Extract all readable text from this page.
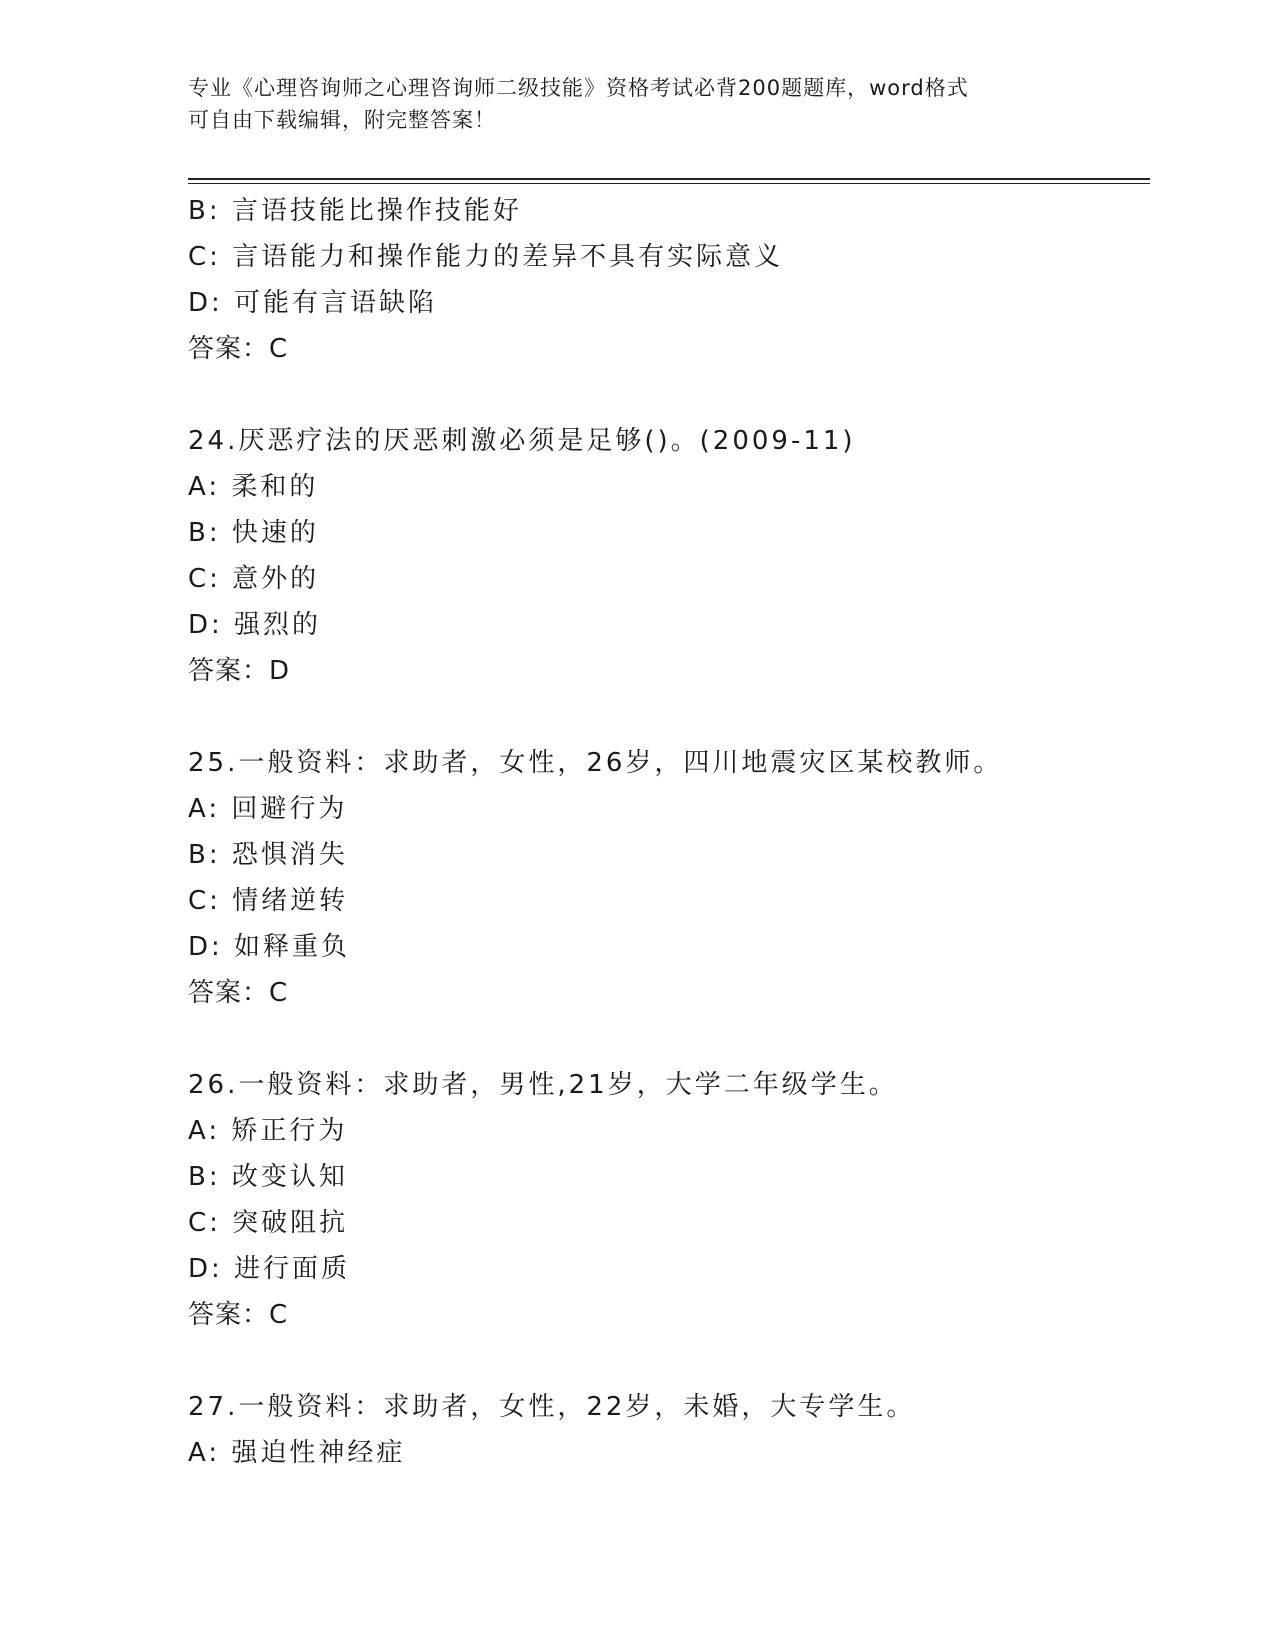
专业《心理咨询师之心理咨询师二级技能》资格考试必背200题题库，word格式
可自由下载编辑，附完整答案！
B: 言语技能比操作技能好
C: 言语能力和操作能力的差异不具有实际意义
D: 可能有言语缺陷
答案：C
24.厌恶疗法的厌恶刺激必须是足够()。(2009-11)
A: 柔和的
B: 快速的
C: 意外的
D: 强烈的
答案：D
25.一般资料：求助者，女性，26岁，四川地震灾区某校教师。
A: 回避行为
B: 恐惧消失
C: 情绪逆转
D: 如释重负
答案：C
26.一般资料：求助者，男性,21岁，大学二年级学生。
A: 矫正行为
B: 改变认知
C: 突破阻抗
D: 进行面质
答案：C
27.一般资料：求助者，女性，22岁，未婚，大专学生。
A: 强迫性神经症
